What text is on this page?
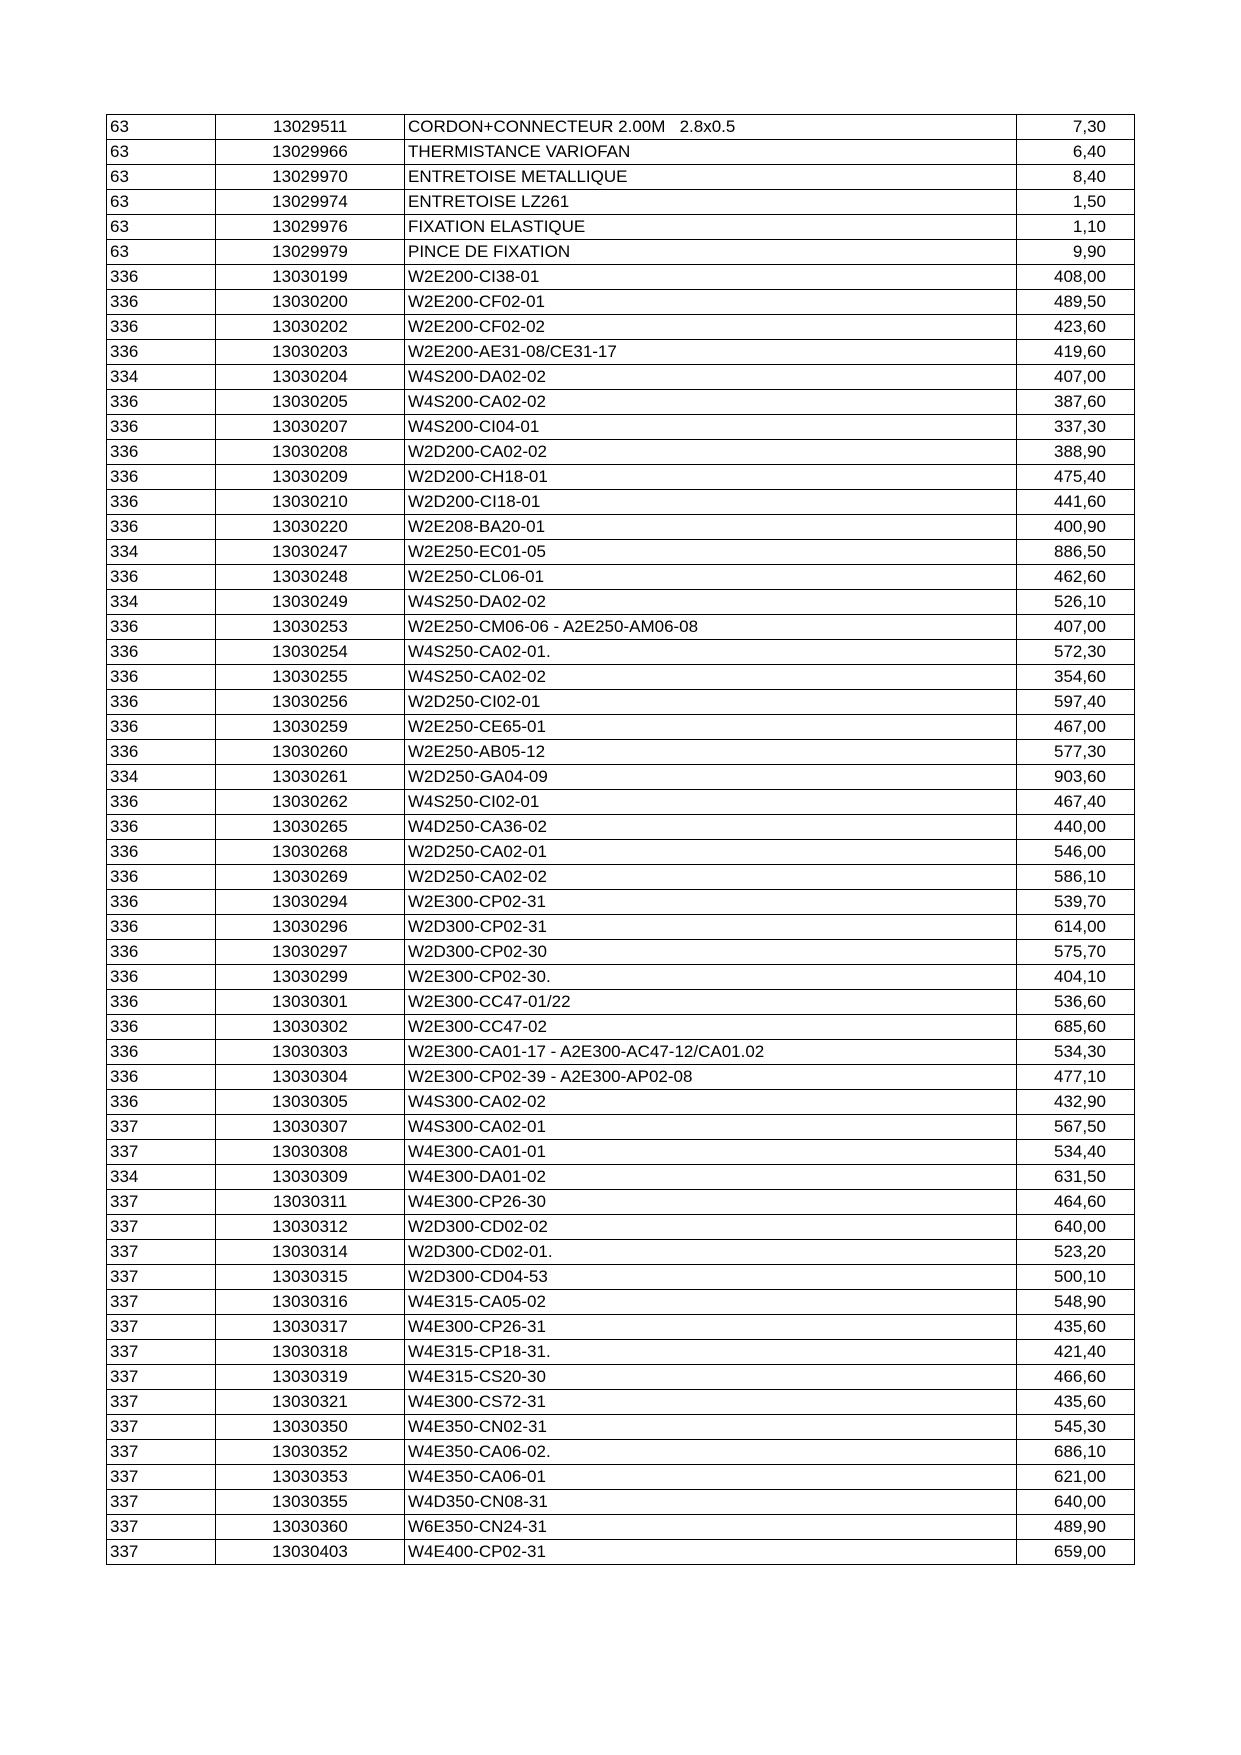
63	13029511	CORDON+CONNECTEUR 2.00M   2.8x0.5	7,30
63	13029966	THERMISTANCE VARIOFAN	6,40
63	13029970	ENTRETOISE METALLIQUE	8,40
63	13029974	ENTRETOISE LZ261	1,50
63	13029976	FIXATION ELASTIQUE	1,10
63	13029979	PINCE DE FIXATION	9,90
336	13030199	W2E200-CI38-01	408,00
336	13030200	W2E200-CF02-01	489,50
336	13030202	W2E200-CF02-02	423,60
336	13030203	W2E200-AE31-08/CE31-17	419,60
334	13030204	W4S200-DA02-02	407,00
336	13030205	W4S200-CA02-02	387,60
336	13030207	W4S200-CI04-01	337,30
336	13030208	W2D200-CA02-02	388,90
336	13030209	W2D200-CH18-01	475,40
336	13030210	W2D200-CI18-01	441,60
336	13030220	W2E208-BA20-01	400,90
334	13030247	W2E250-EC01-05	886,50
336	13030248	W2E250-CL06-01	462,60
334	13030249	W4S250-DA02-02	526,10
336	13030253	W2E250-CM06-06 - A2E250-AM06-08	407,00
336	13030254	W4S250-CA02-01.	572,30
336	13030255	W4S250-CA02-02	354,60
336	13030256	W2D250-CI02-01	597,40
336	13030259	W2E250-CE65-01	467,00
336	13030260	W2E250-AB05-12	577,30
334	13030261	W2D250-GA04-09	903,60
336	13030262	W4S250-CI02-01	467,40
336	13030265	W4D250-CA36-02	440,00
336	13030268	W2D250-CA02-01	546,00
336	13030269	W2D250-CA02-02	586,10
336	13030294	W2E300-CP02-31	539,70
336	13030296	W2D300-CP02-31	614,00
336	13030297	W2D300-CP02-30	575,70
336	13030299	W2E300-CP02-30.	404,10
336	13030301	W2E300-CC47-01/22	536,60
336	13030302	W2E300-CC47-02	685,60
336	13030303	W2E300-CA01-17 - A2E300-AC47-12/CA01.02	534,30
336	13030304	W2E300-CP02-39 - A2E300-AP02-08	477,10
336	13030305	W4S300-CA02-02	432,90
337	13030307	W4S300-CA02-01	567,50
337	13030308	W4E300-CA01-01	534,40
334	13030309	W4E300-DA01-02	631,50
337	13030311	W4E300-CP26-30	464,60
337	13030312	W2D300-CD02-02	640,00
337	13030314	W2D300-CD02-01.	523,20
337	13030315	W2D300-CD04-53	500,10
337	13030316	W4E315-CA05-02	548,90
337	13030317	W4E300-CP26-31	435,60
337	13030318	W4E315-CP18-31.	421,40
337	13030319	W4E315-CS20-30	466,60
337	13030321	W4E300-CS72-31	435,60
337	13030350	W4E350-CN02-31	545,30
337	13030352	W4E350-CA06-02.	686,10
337	13030353	W4E350-CA06-01	621,00
337	13030355	W4D350-CN08-31	640,00
337	13030360	W6E350-CN24-31	489,90
337	13030403	W4E400-CP02-31	659,00
